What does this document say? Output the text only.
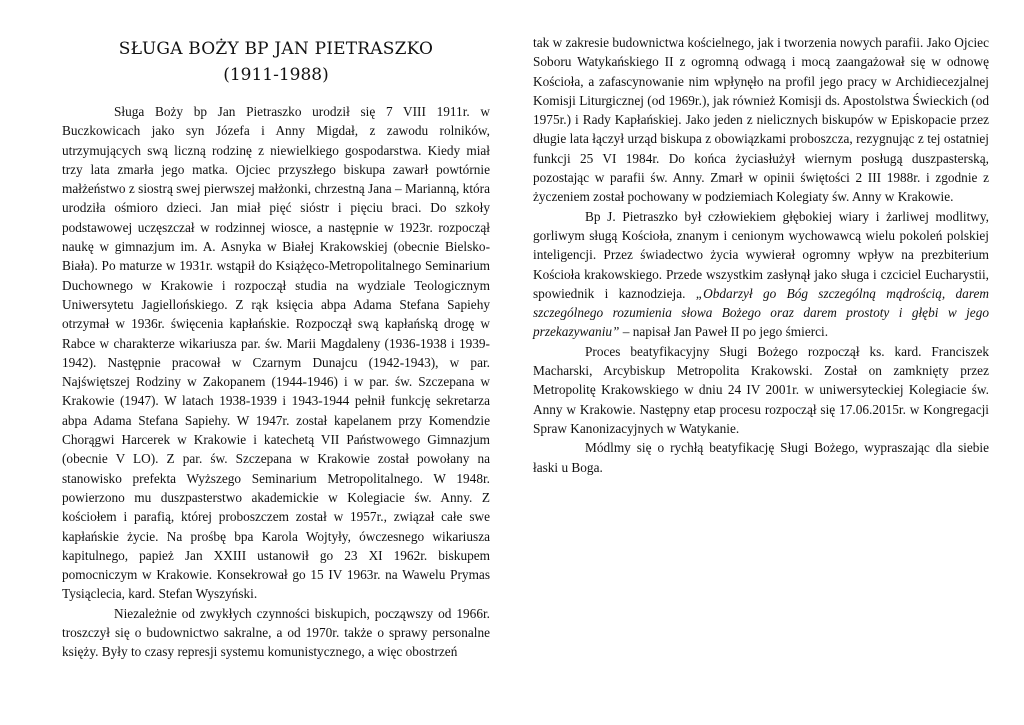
SŁUGA BOŻY BP JAN PIETRASZKO
(1911-1988)

Sługa Boży bp Jan Pietraszko urodził się 7 VIII 1911r. w Buczkowicach jako syn Józefa i Anny Migdał, z zawodu rolników, utrzymujących swą liczną rodzinę z niewielkiego gospodarstwa. Kiedy miał trzy lata zmarła jego matka. Ojciec przyszłego biskupa zawarł powtórnie małżeństwo z siostrą swej pierwszej małżonki, chrzestną Jana – Marianną, która urodziła ośmioro dzieci. Jan miał pięć sióstr i pięciu braci. Do szkoły podstawowej uczęszczał w rodzinnej wiosce, a następnie w 1923r. rozpoczął naukę w gimnazjum im. A. Asnyka w Białej Krakowskiej (obecnie Bielsko-Biała). Po maturze w 1931r. wstąpił do Książęco-Metropolitalnego Seminarium Duchownego w Krakowie i rozpoczął studia na wydziale Teologicznym Uniwersytetu Jagiellońskiego. Z rąk księcia abpa Adama Stefana Sapiehy otrzymał w 1936r. święcenia kapłańskie. Rozpoczął swą kapłańską drogę w Rabce w charakterze wikariusza par. św. Marii Magdaleny (1936-1938 i 1939-1942). Następnie pracował w Czarnym Dunajcu (1942-1943), w par. Najświętszej Rodziny w Zakopanem (1944-1946) i w par. św. Szczepana w Krakowie (1947). W latach 1938-1939 i 1943-1944 pełnił funkcję sekretarza abpa Adama Stefana Sapiehy. W 1947r. został kapelanem przy Komendzie Chorągwi Harcerek w Krakowie i katechetą VII Państwowego Gimnazjum (obecnie V LO). Z par. św. Szczepana w Krakowie został powołany na stanowisko prefekta Wyższego Seminarium Metropolitalnego. W 1948r. powierzono mu duszpasterstwo akademickie w Kolegiacie św. Anny. Z kościołem i parafią, której proboszczem został w 1957r., związał całe swe kapłańskie życie. Na prośbę bpa Karola Wojtyły, ówczesnego wikariusza kapitulnego, papież Jan XXIII ustanowił go 23 XI 1962r. biskupem pomocniczym w Krakowie. Konsekrował go 15 IV 1963r. na Wawelu Prymas Tysiąclecia, kard. Stefan Wyszyński.

Niezależnie od zwykłych czynności biskupich, począwszy od 1966r. troszczył się o budownictwo sakralne, a od 1970r. także o sprawy personalne księży. Były to czasy represji systemu komunistycznego, a więc obostrzeń

tak w zakresie budownictwa kościelnego, jak i tworzenia nowych parafii. Jako Ojciec Soboru Watykańskiego II z ogromną odwagą i mocą zaangażował się w odnowę Kościoła, a zafascynowanie nim wpłynęło na profil jego pracy w Archidiecezjalnej Komisji Liturgicznej (od 1969r.), jak również Komisji ds. Apostolstwa Świeckich (od 1975r.) i Rady Kapłańskiej. Jako jeden z nielicznych biskupów w Episkopacie przez długie lata łączył urząd biskupa z obowiązkami proboszcza, rezygnując z tej ostatniej funkcji 25 VI 1984r. Do końca życiasłużył wiernym posługą duszpasterską, pozostając w parafii św. Anny. Zmarł w opinii świętości 2 III 1988r. i zgodnie z życzeniem został pochowany w podziemiach Kolegiaty św. Anny w Krakowie.

Bp J. Pietraszko był człowiekiem głębokiej wiary i żarliwej modlitwy, gorliwym sługą Kościoła, znanym i cenionym wychowawcą wielu pokoleń polskiej inteligencji. Przez świadectwo życia wywierał ogromny wpływ na prezbiterium Kościoła krakowskiego. Przede wszystkim zasłynął jako sługa i czciciel Eucharystii, spowiednik i kaznodzieja. „Obdarzył go Bóg szczególną mądrością, darem szczególnego rozumienia słowa Bożego oraz darem prostoty i głębi w jego przekazywaniu” – napisał Jan Paweł II po jego śmierci.

Proces beatyfikacyjny Sługi Bożego rozpoczął ks. kard. Franciszek Macharski, Arcybiskup Metropolita Krakowski. Został on zamknięty przez Metropolitę Krakowskiego w dniu 24 IV 2001r. w uniwersyteckiej Kolegiacie św. Anny w Krakowie. Następny etap procesu rozpoczął się 17.06.2015r. w Kongregacji Spraw Kanonizacyjnych w Watykanie.

Módlmy się o rychłą beatyfikację Sługi Bożego, wypraszając dla siebie łaski u Boga.
